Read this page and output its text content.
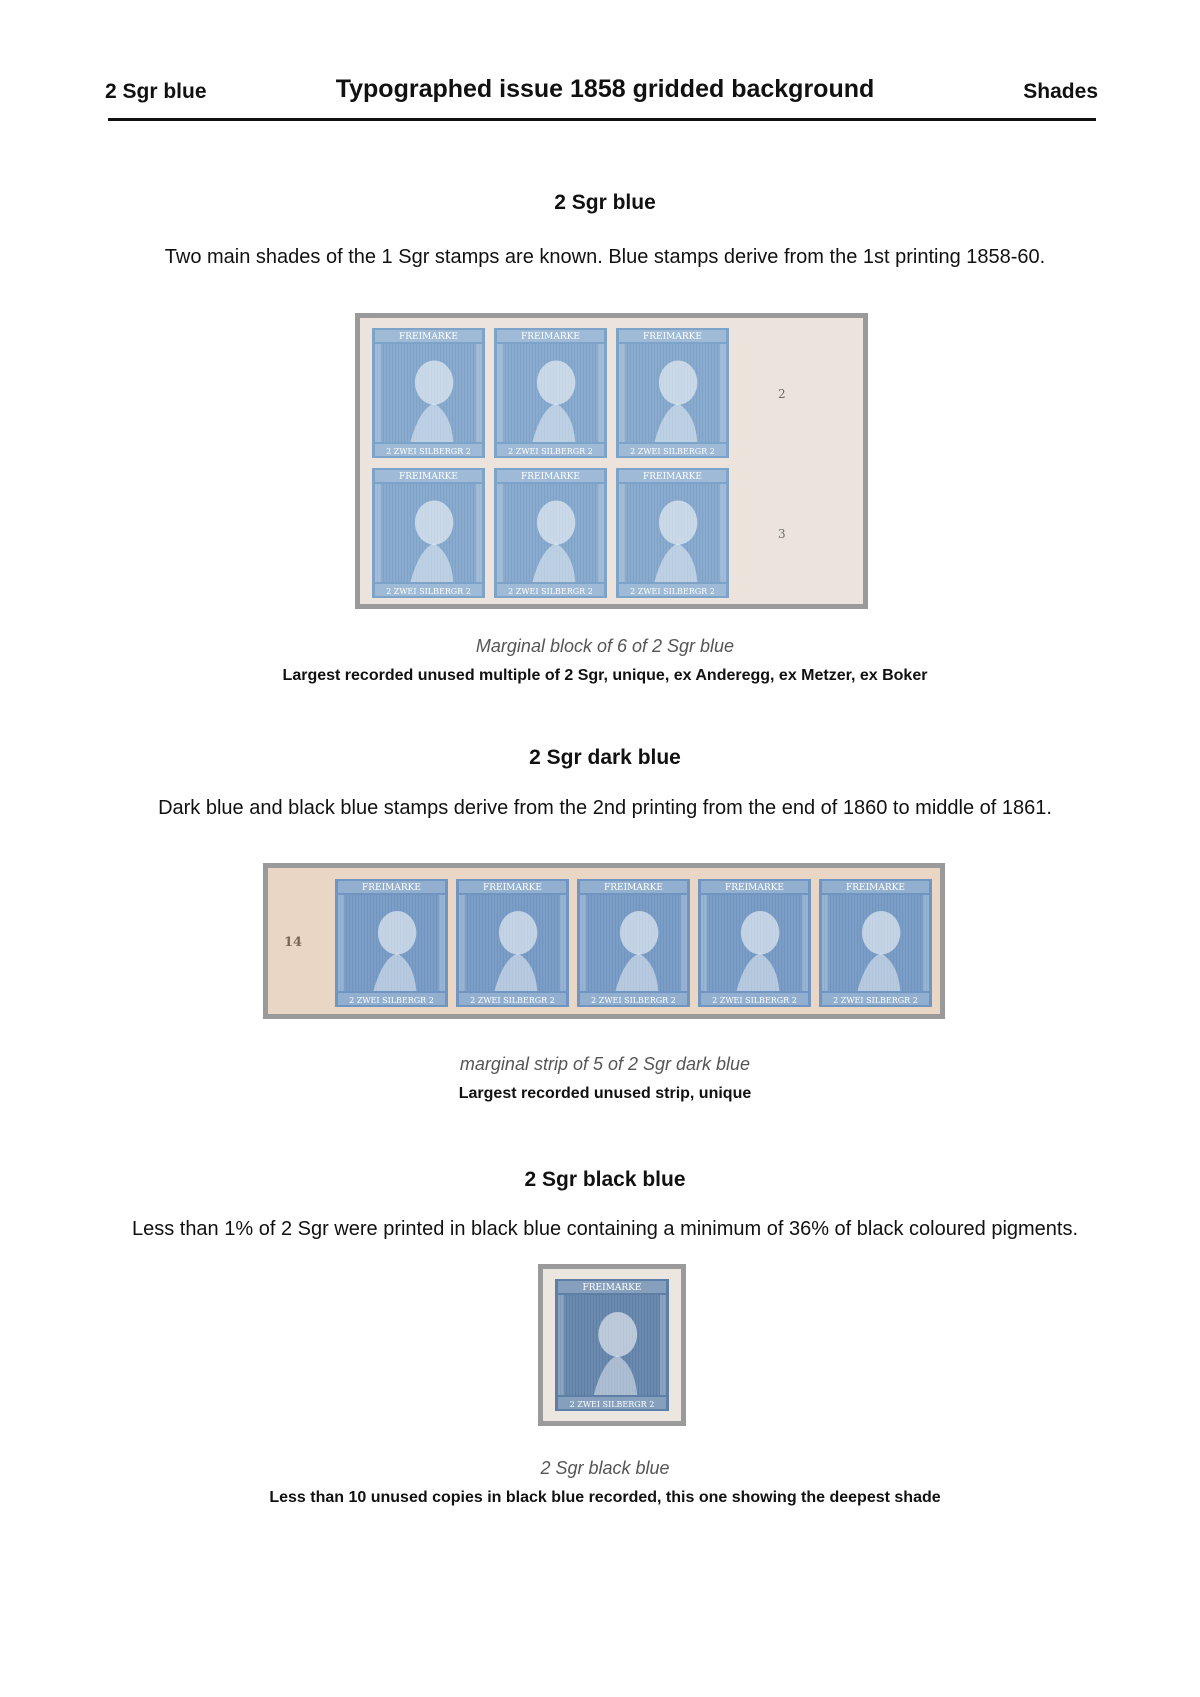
2 Sgr blue	Typographed issue 1858 gridded background	Shades
2 Sgr blue
Two main shades of the 1 Sgr stamps are known. Blue stamps derive from the 1st printing 1858-60.
FREIMARKE
2 ZWEI SILBERGR 2
FREIMARKE
2 ZWEI SILBERGR 2
FREIMARKE
2 ZWEI SILBERGR 2
FREIMARKE
2 ZWEI SILBERGR 2
FREIMARKE
2 ZWEI SILBERGR 2
FREIMARKE
2 ZWEI SILBERGR 2
2
3
Marginal block of 6 of 2 Sgr blue
Largest recorded unused multiple of 2 Sgr, unique, ex Anderegg, ex Metzer, ex Boker
2 Sgr dark blue
Dark blue and black blue stamps derive from the 2nd printing from the end of 1860 to middle of 1861.
FREIMARKE
2 ZWEI SILBERGR 2
FREIMARKE
2 ZWEI SILBERGR 2
FREIMARKE
2 ZWEI SILBERGR 2
FREIMARKE
2 ZWEI SILBERGR 2
FREIMARKE
2 ZWEI SILBERGR 2
14
marginal strip of 5 of 2 Sgr dark blue
Largest recorded unused strip, unique
2 Sgr black blue
Less than 1% of 2 Sgr were printed in black blue containing a minimum of 36% of black coloured pigments.
FREIMARKE
2 ZWEI SILBERGR 2
2 Sgr black blue
Less than 10 unused copies in black blue recorded, this one showing the deepest shade
